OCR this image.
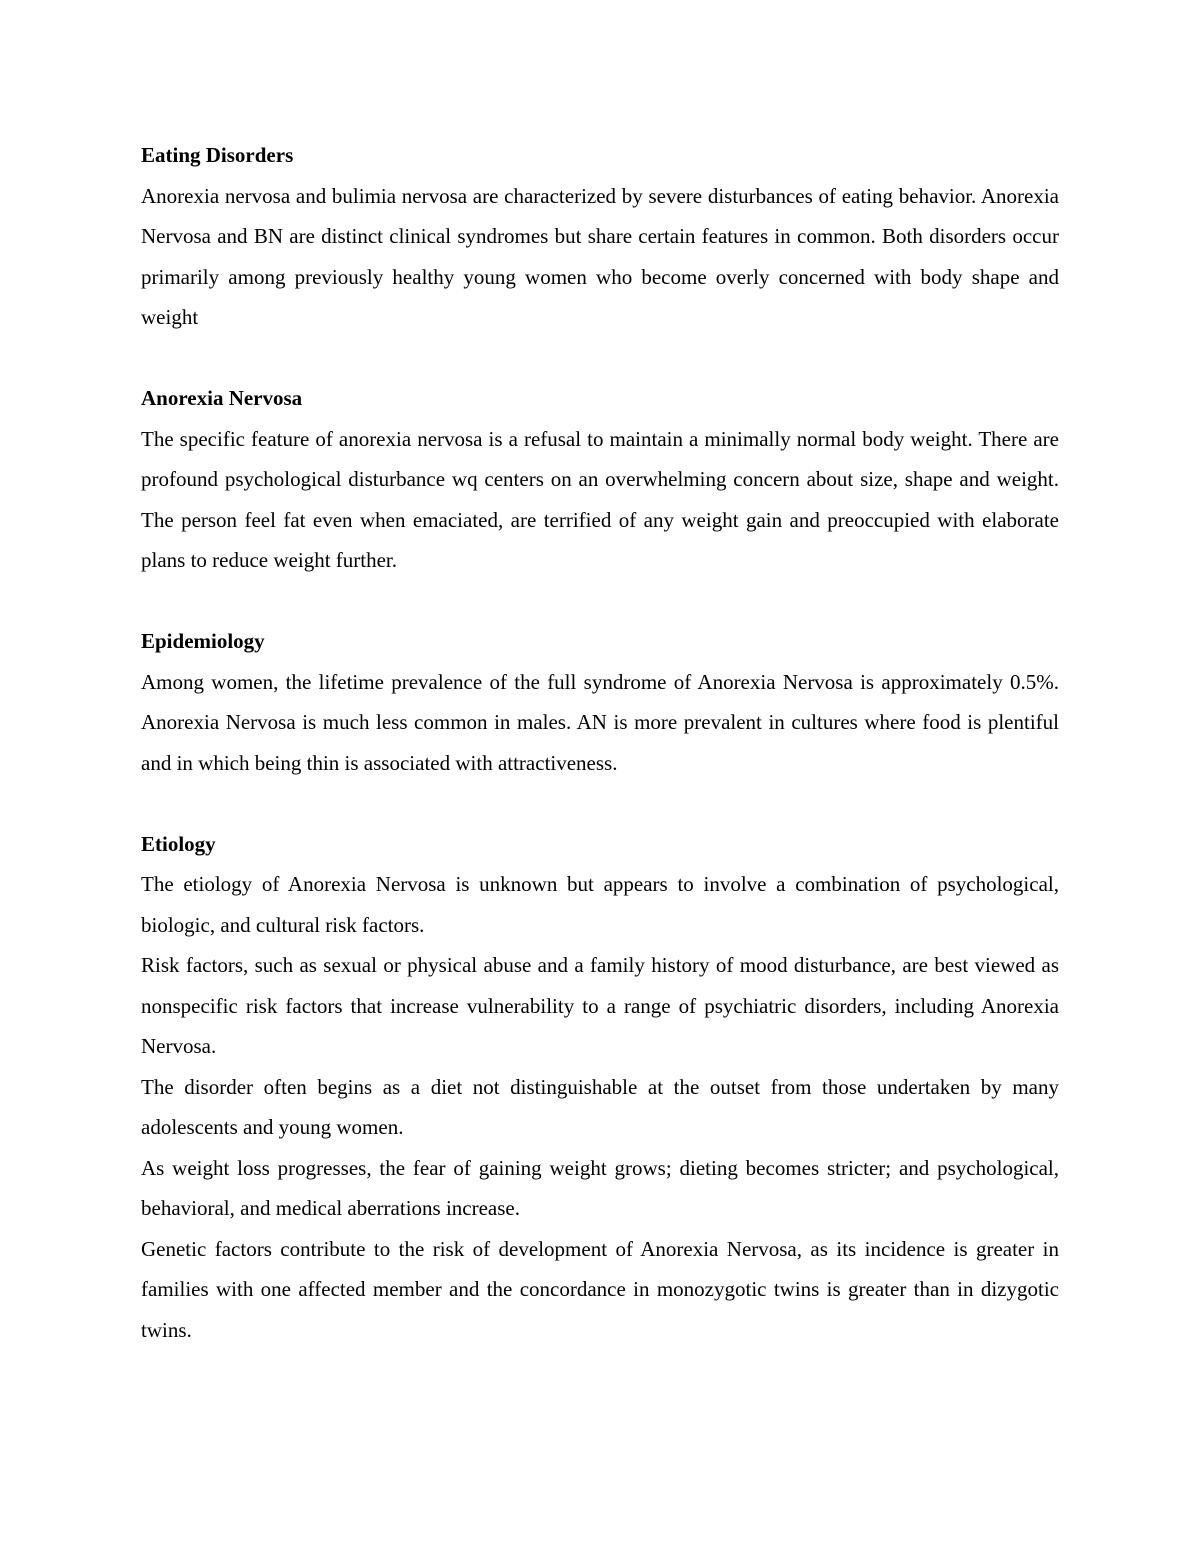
Eating Disorders

Anorexia nervosa and bulimia nervosa are characterized by severe disturbances of eating behavior. Anorexia Nervosa and BN are distinct clinical syndromes but share certain features in common. Both disorders occur primarily among previously healthy young women who become overly concerned with body shape and weight

Anorexia Nervosa

The specific feature of anorexia nervosa is a refusal to maintain a minimally normal body weight. There are profound psychological disturbance wq centers on an overwhelming concern about size, shape and weight. The person feel fat even when emaciated, are terrified of any weight gain and preoccupied with elaborate plans to reduce weight further.

Epidemiology

Among women, the lifetime prevalence of the full syndrome of Anorexia Nervosa is approximately 0.5%. Anorexia Nervosa is much less common in males. AN is more prevalent in cultures where food is plentiful and in which being thin is associated with attractiveness.

Etiology

The etiology of Anorexia Nervosa is unknown but appears to involve a combination of psychological, biologic, and cultural risk factors.

Risk factors, such as sexual or physical abuse and a family history of mood disturbance, are best viewed as nonspecific risk factors that increase vulnerability to a range of psychiatric disorders, including Anorexia Nervosa.

The disorder often begins as a diet not distinguishable at the outset from those undertaken by many adolescents and young women.

As weight loss progresses, the fear of gaining weight grows; dieting becomes stricter; and psychological, behavioral, and medical aberrations increase.

Genetic factors contribute to the risk of development of Anorexia Nervosa, as its incidence is greater in families with one affected member and the concordance in monozygotic twins is greater than in dizygotic twins.
